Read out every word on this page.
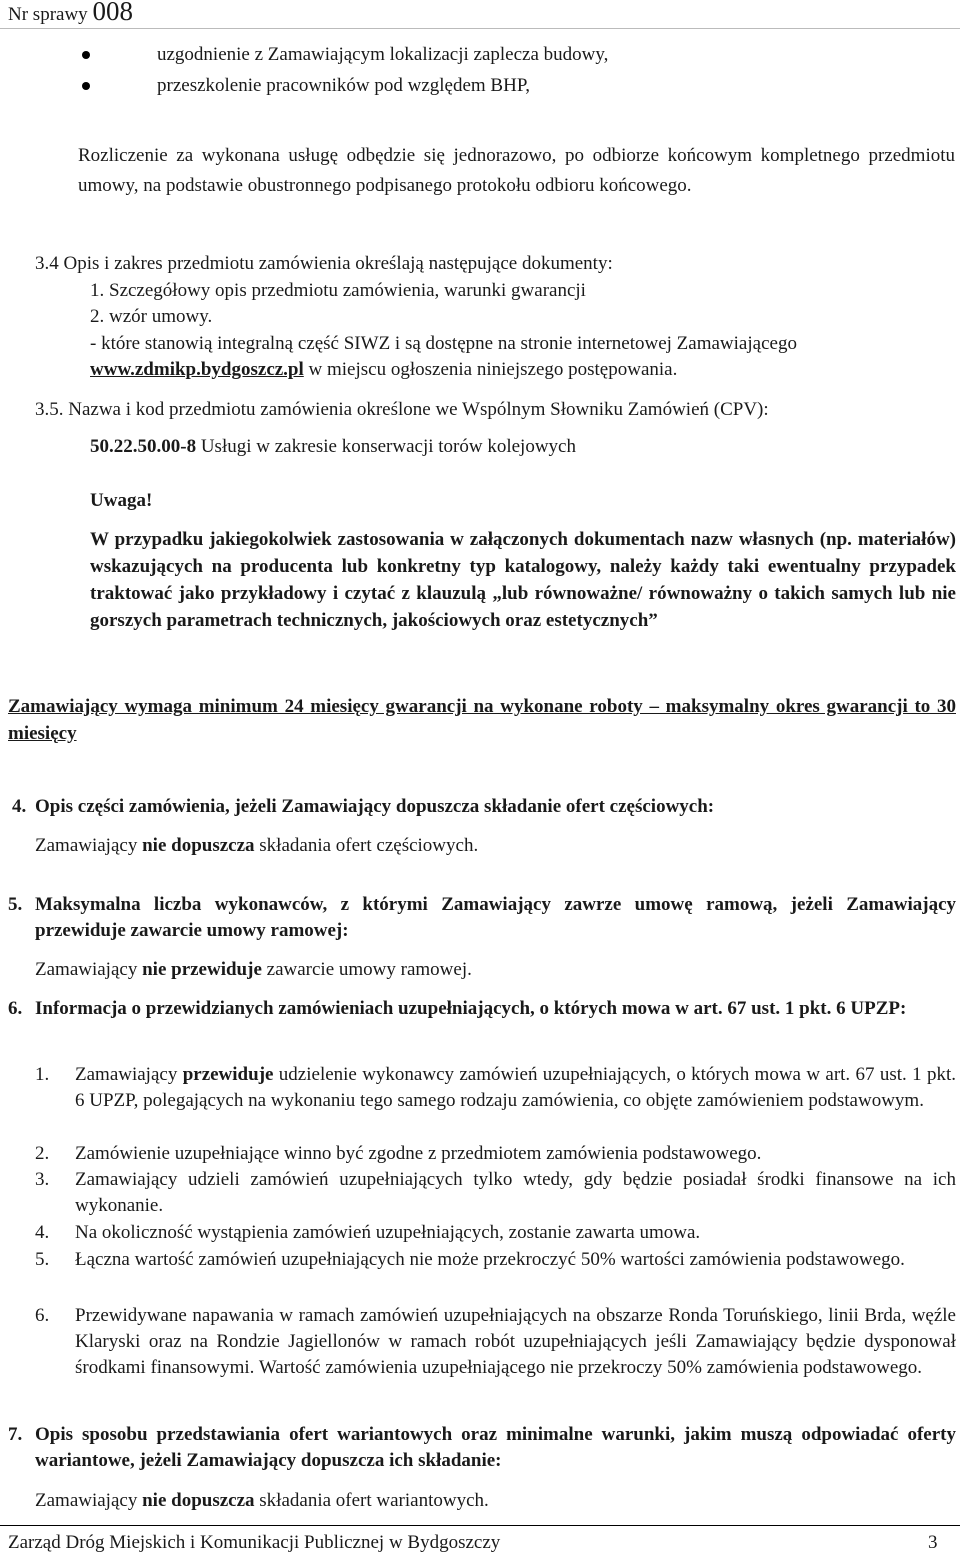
Nr sprawy 008
uzgodnienie z Zamawiającym lokalizacji zaplecza budowy,
przeszkolenie pracowników pod względem BHP,
Rozliczenie za wykonana usługę odbędzie się jednorazowo, po odbiorze końcowym kompletnego przedmiotu umowy, na podstawie obustronnego podpisanego protokołu odbioru końcowego.
3.4 Opis i zakres przedmiotu zamówienia określają następujące dokumenty:
1. Szczegółowy opis przedmiotu zamówienia, warunki gwarancji
2. wzór umowy.
- które stanowią integralną część SIWZ i są dostępne na stronie internetowej Zamawiającego
www.zdmikp.bydgoszcz.pl w miejscu ogłoszenia niniejszego postępowania.
3.5. Nazwa i kod przedmiotu zamówienia określone we Wspólnym Słowniku Zamówień (CPV):
50.22.50.00-8 Usługi w zakresie konserwacji torów kolejowych
Uwaga!
W przypadku jakiegokolwiek zastosowania w załączonych dokumentach nazw własnych (np. materiałów) wskazujących na producenta lub konkretny typ katalogowy, należy każdy taki ewentualny przypadek traktować jako przykładowy i czytać z klauzulą „lub równoważne/ równoważny o takich samych lub nie gorszych parametrach technicznych, jakościowych oraz estetycznych”
Zamawiający wymaga minimum 24 miesięcy gwarancji na wykonane roboty – maksymalny okres gwarancji to 30 miesięcy
4. Opis części zamówienia, jeżeli Zamawiający dopuszcza składanie ofert częściowych:
Zamawiający nie dopuszcza składania ofert częściowych.
5. Maksymalna liczba wykonawców, z którymi Zamawiający zawrze umowę ramową, jeżeli Zamawiający przewiduje zawarcie umowy ramowej:
Zamawiający nie przewiduje zawarcie umowy ramowej.
6. Informacja o przewidzianych zamówieniach uzupełniających, o których mowa w art. 67 ust. 1 pkt. 6 UPZP:
1. Zamawiający przewiduje udzielenie wykonawcy zamówień uzupełniających, o których mowa w art. 67 ust. 1 pkt. 6 UPZP, polegających na wykonaniu tego samego rodzaju zamówienia, co objęte zamówieniem podstawowym.
2. Zamówienie uzupełniające winno być zgodne z przedmiotem zamówienia podstawowego.
3. Zamawiający udzieli zamówień uzupełniających tylko wtedy, gdy będzie posiadał środki finansowe na ich wykonanie.
4. Na okoliczność wystąpienia zamówień uzupełniających, zostanie zawarta umowa.
5. Łączna wartość zamówień uzupełniających nie może przekroczyć 50% wartości zamówienia podstawowego.
6. Przewidywane napawania w ramach zamówień uzupełniających na obszarze Ronda Toruńskiego, linii Brda, węźle Klaryski oraz na Rondzie Jagiellonów w ramach robót uzupełniających jeśli Zamawiający będzie dysponował środkami finansowymi. Wartość zamówienia uzupełniającego nie przekroczy 50% zamówienia podstawowego.
7. Opis sposobu przedstawiania ofert wariantowych oraz minimalne warunki, jakim muszą odpowiadać oferty wariantowe, jeżeli Zamawiający dopuszcza ich składanie:
Zamawiający nie dopuszcza składania ofert wariantowych.
Zarząd Dróg Miejskich i Komunikacji Publicznej w Bydgoszczy	3
